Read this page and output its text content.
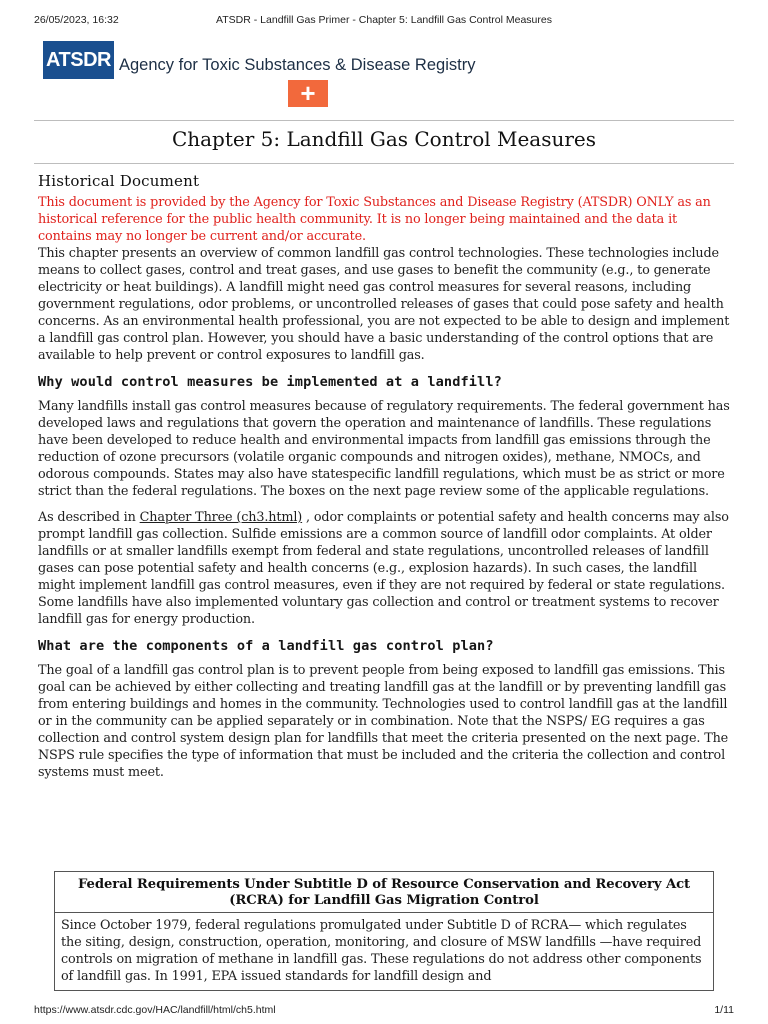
26/05/2023, 16:32	ATSDR - Landfill Gas Primer - Chapter 5: Landfill Gas Control Measures
ATSDR Agency for Toxic Substances & Disease Registry
+
Chapter 5: Landfill Gas Control Measures
Historical Document

This document is provided by the Agency for Toxic Substances and Disease Registry (ATSDR) ONLY as an historical reference for the public health community. It is no longer being maintained and the data it contains may no longer be current and/or accurate.

This chapter presents an overview of common landfill gas control technologies. These technologies include means to collect gases, control and treat gases, and use gases to benefit the community (e.g., to generate electricity or heat buildings). A landfill might need gas control measures for several reasons, including government regulations, odor problems, or uncontrolled releases of gases that could pose safety and health concerns. As an environmental health professional, you are not expected to be able to design and implement a landfill gas control plan. However, you should have a basic understanding of the control options that are available to help prevent or control exposures to landfill gas.

Why would control measures be implemented at a landfill?

Many landfills install gas control measures because of regulatory requirements. The federal government has developed laws and regulations that govern the operation and maintenance of landfills. These regulations have been developed to reduce health and environmental impacts from landfill gas emissions through the reduction of ozone precursors (volatile organic compounds and nitrogen oxides), methane, NMOCs, and odorous compounds. States may also have statespecific landfill regulations, which must be as strict or more strict than the federal regulations. The boxes on the next page review some of the applicable regulations.

As described in Chapter Three (ch3.html) , odor complaints or potential safety and health concerns may also prompt landfill gas collection. Sulfide emissions are a common source of landfill odor complaints. At older landfills or at smaller landfills exempt from federal and state regulations, uncontrolled releases of landfill gases can pose potential safety and health concerns (e.g., explosion hazards). In such cases, the landfill might implement landfill gas control measures, even if they are not required by federal or state regulations. Some landfills have also implemented voluntary gas collection and control or treatment systems to recover landfill gas for energy production.

What are the components of a landfill gas control plan?

The goal of a landfill gas control plan is to prevent people from being exposed to landfill gas emissions. This goal can be achieved by either collecting and treating landfill gas at the landfill or by preventing landfill gas from entering buildings and homes in the community. Technologies used to control landfill gas at the landfill or in the community can be applied separately or in combination. Note that the NSPS/ EG requires a gas collection and control system design plan for landfills that meet the criteria presented on the next page. The NSPS rule specifies the type of information that must be included and the criteria the collection and control systems must meet.

Federal Requirements Under Subtitle D of Resource Conservation and Recovery Act (RCRA) for Landfill Gas Migration Control
Since October 1979, federal regulations promulgated under Subtitle D of RCRA— which regulates the siting, design, construction, operation, monitoring, and closure of MSW landfills —have required controls on migration of methane in landfill gas. These regulations do not address other components of landfill gas. In 1991, EPA issued standards for landfill design and
https://www.atsdr.cdc.gov/HAC/landfill/html/ch5.html	1/11
